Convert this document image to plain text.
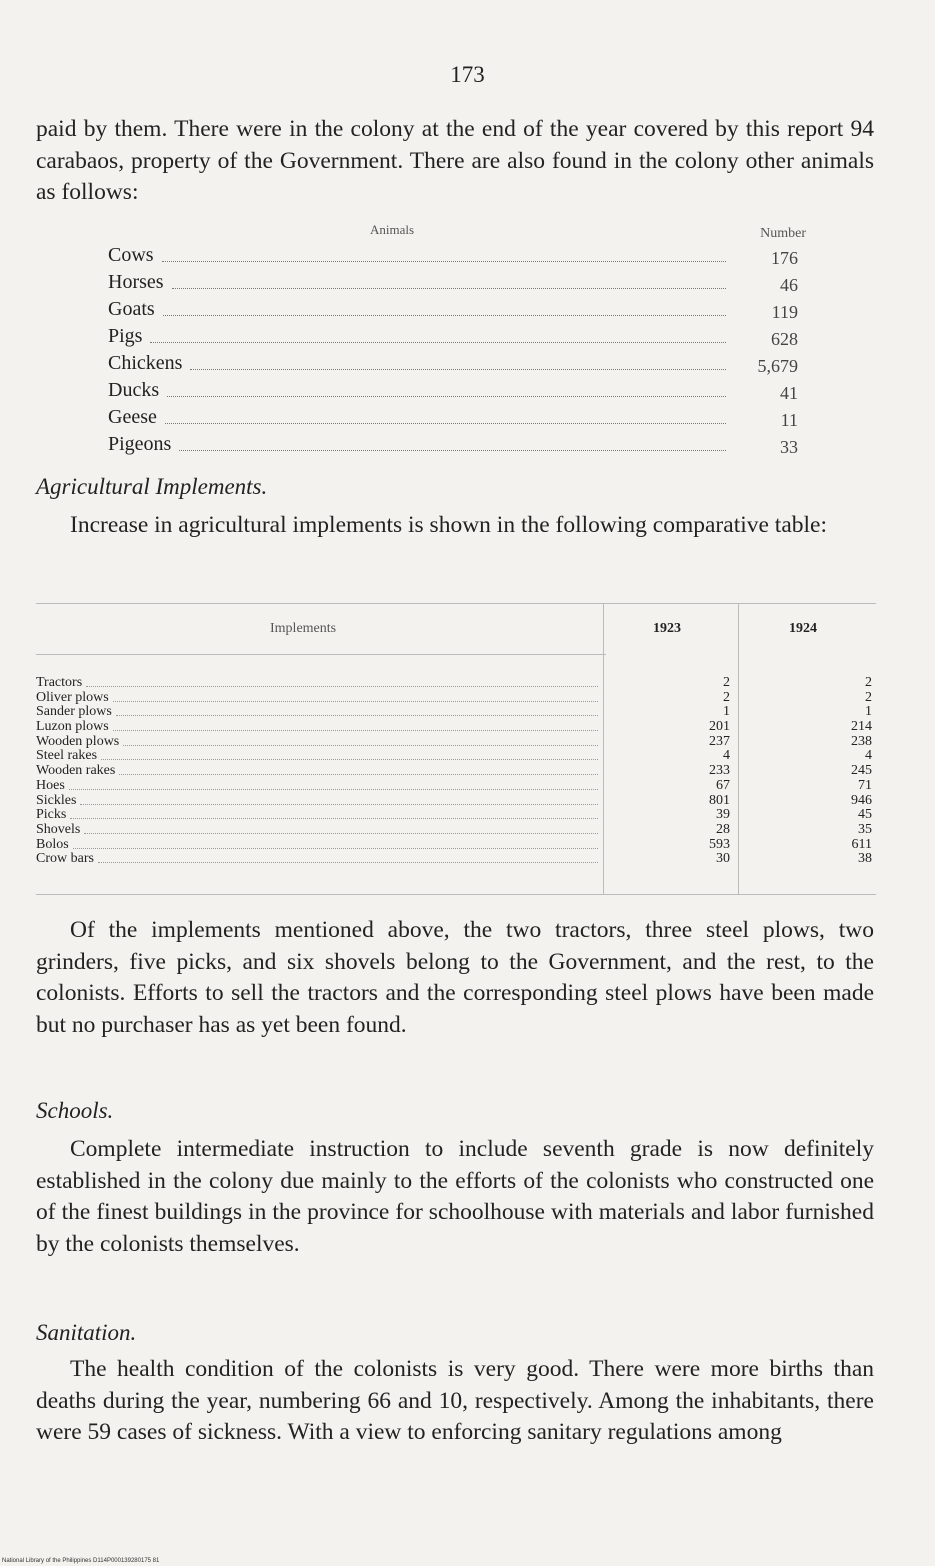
173

paid by them. There were in the colony at the end of the year covered by this report 94 carabaos, property of the Government. There are also found in the colony other animals as follows:

Animals	Number
Cows	176
Horses	46
Goats	119
Pigs	628
Chickens	5,679
Ducks	41
Geese	11
Pigeons	33
Agricultural Implements.

Increase in agricultural implements is shown in the following comparative table:

Implements	1923	1924
Tractors	2	2
Oliver plows	2	2
Sander plows	1	1
Luzon plows	201	214
Wooden plows	237	238
Steel rakes	4	4
Wooden rakes	233	245
Hoes	67	71
Sickles	801	946
Picks	39	45
Shovels	28	35
Bolos	593	611
Crow bars	30	38

Of the implements mentioned above, the two tractors, three steel plows, two grinders, five picks, and six shovels belong to the Government, and the rest, to the colonists. Efforts to sell the tractors and the corresponding steel plows have been made but no purchaser has as yet been found.

Schools.

Complete intermediate instruction to include seventh grade is now definitely established in the colony due mainly to the efforts of the colonists who constructed one of the finest buildings in the province for schoolhouse with materials and labor furnished by the colonists themselves.

Sanitation.

The health condition of the colonists is very good. There were more births than deaths during the year, numbering 66 and 10, respectively. Among the inhabitants, there were 59 cases of sickness. With a view to enforcing sanitary regulations among

National Library of the Philippines D114P000139280175 81
